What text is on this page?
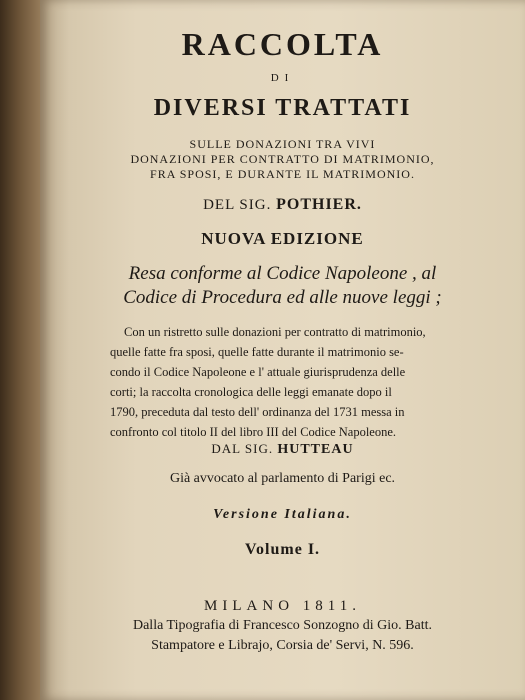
RACCOLTA
DI
DIVERSI TRATTATI
SULLE DONAZIONI TRA VIVI
DONAZIONI PER CONTRATTO DI MATRIMONIO,
FRA SPOSI, E DURANTE IL MATRIMONIO.
DEL SIG. POTHIER.
NUOVA EDIZIONE
Resa conforme al Codice Napoleone , al
Codice di Procedura ed alle nuove leggi ;
Con un ristretto sulle donazioni per contratto di matrimonio,
quelle fatte fra sposi, quelle fatte durante il matrimonio se-
condo il Codice Napoleone e l' attuale giurisprudenza delle
corti; la raccolta cronologica delle leggi emanate dopo il
1790, preceduta dal testo dell' ordinanza del 1731 messa in
confronto col titolo II del libro III del Codice Napoleone.
DAL SIG. HUTTEAU
Già avvocato al parlamento di Parigi ec.
Versione Italiana.
Volume I.
MILANO 1811.
Dalla Tipografia di Francesco Sonzogno di Gio. Batt.
Stampatore e Librajo, Corsia de' Servi, N. 596.
